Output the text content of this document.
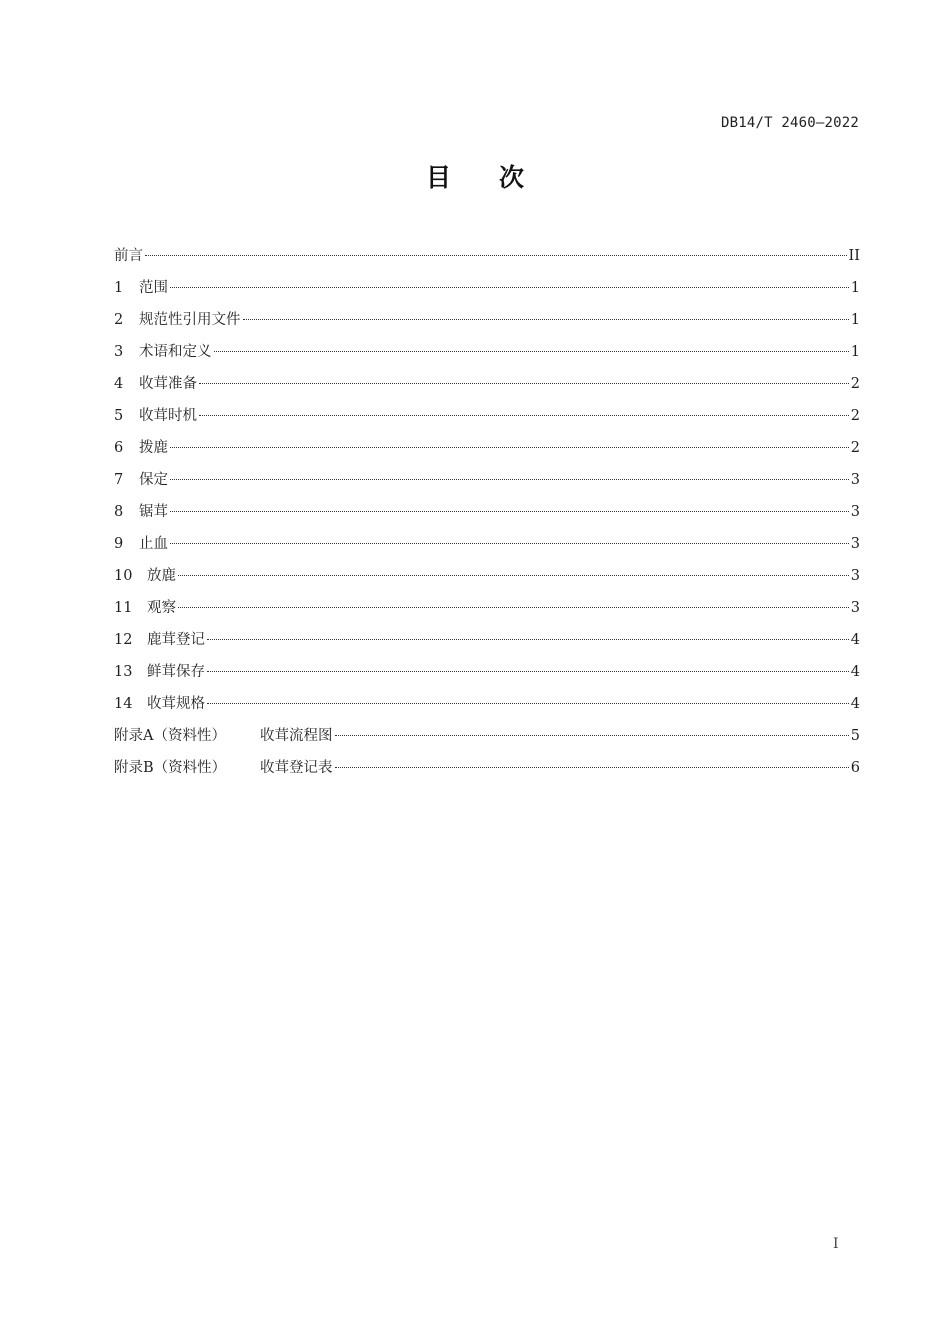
DB14/T 2460—2022
目次
前言	II
1	范围	1
2	规范性引用文件	1
3	术语和定义	1
4	收茸准备	2
5	收茸时机	2
6	拨鹿	2
7	保定	3
8	锯茸	3
9	止血	3
10	放鹿	3
11	观察	3
12	鹿茸登记	4
13	鲜茸保存	4
14	收茸规格	4
附录A（资料性）	收茸流程图	5
附录B（资料性）	收茸登记表	6
I
